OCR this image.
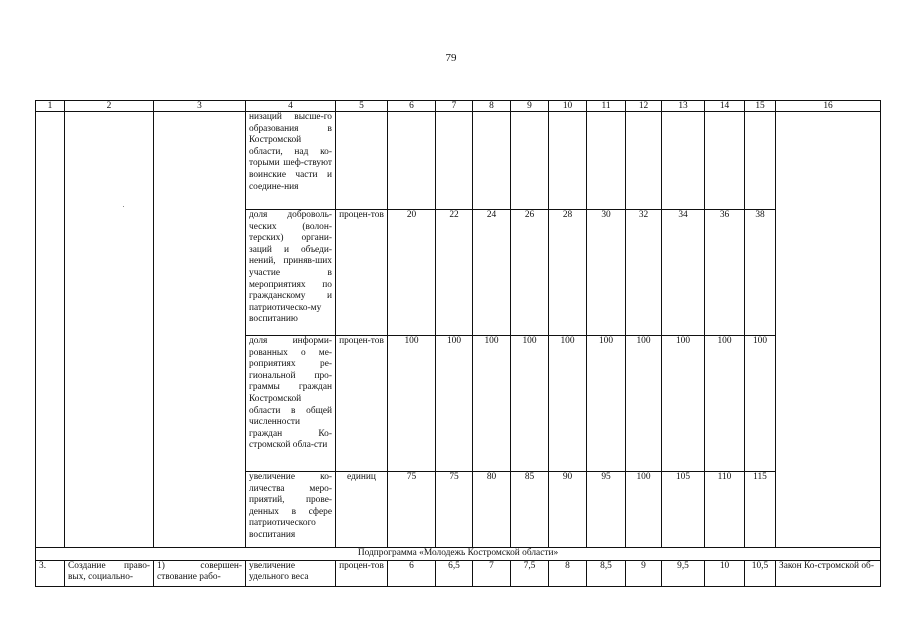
79
1	2	3	4	5	6	7	8	9	10	11	12	13	14	15	16
			низаций высше-го образования в Костромской области, над ко-торыми шеф-ствуют воинские части и соедине-ния												
			доля доброволь-ческих (волон-терских) органи-заций и объеди-нений, приняв-ших участие в мероприятиях по гражданскому и патриотическо-му воспитанию	процен-тов	20	22	24	26	28	30	32	34	36	38	
			доля информи-рованных о ме-роприятиях ре-гиональной про-граммы граждан Костромской области в общей численности граждан Ко-стромской обла-сти	процен-тов	100	100	100	100	100	100	100	100	100	100	
			увеличение ко-личества меро-приятий, прове-денных в сфере патриотического воспитания	единиц	75	75	80	85	90	95	100	105	110	115	
Подпрограмма «Молодежь Костромской области»															
3.	Создание право-вых, социально-	1) совершен-ствование рабо-	увеличение удельного веса	процен-тов	6	6,5	7	7,5	8	8,5	9	9,5	10	10,5	Закон Ко-стромской об-
